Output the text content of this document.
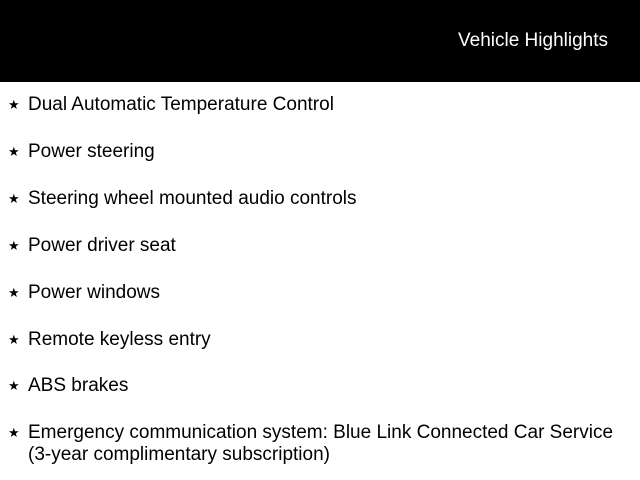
Vehicle Highlights
★ Dual Automatic Temperature Control
★ Power steering
★ Steering wheel mounted audio controls
★ Power driver seat
★ Power windows
★ Remote keyless entry
★ ABS brakes
★ Emergency communication system: Blue Link Connected Car Service (3-year complimentary subscription)
